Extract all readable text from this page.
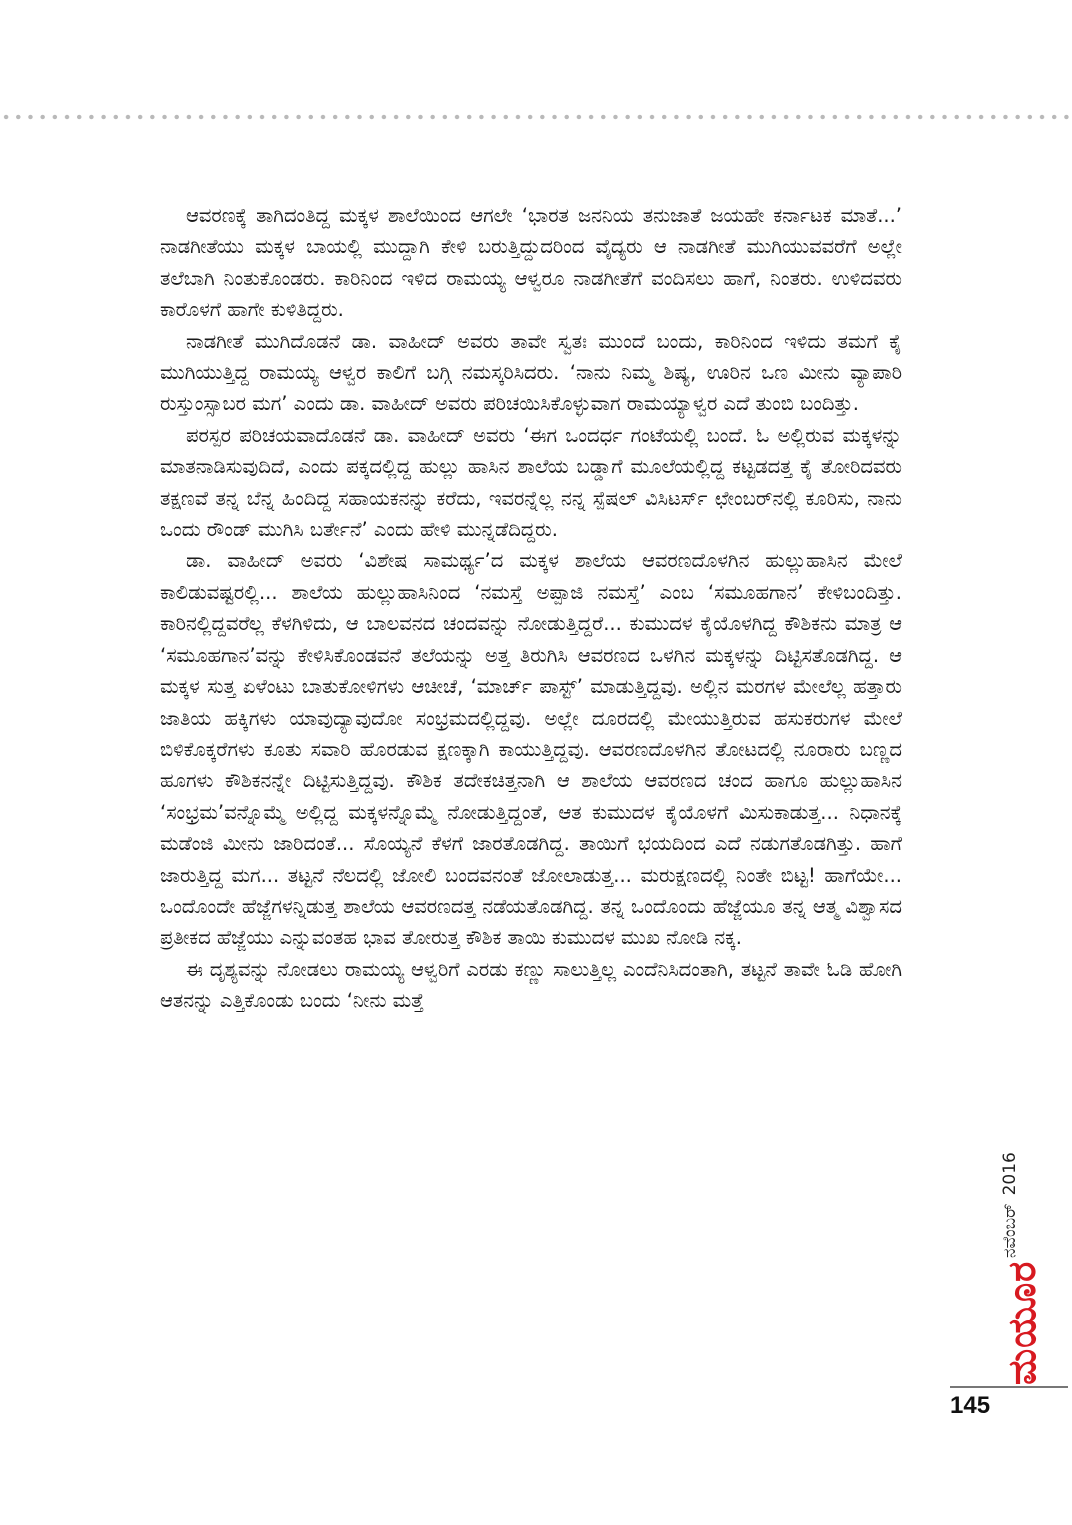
ಆವರಣಕ್ಕೆ ತಾಗಿದಂತಿದ್ದ ಮಕ್ಕಳ ಶಾಲೆಯಿಂದ ಆಗಲೇ ‘ಭಾರತ ಜನನಿಯ ತನುಜಾತೆ ಜಯಹೇ ಕರ್ನಾಟಕ ಮಾತೆ...’ ನಾಡಗೀತೆಯು ಮಕ್ಕಳ ಬಾಯಲ್ಲಿ ಮುದ್ದಾಗಿ ಕೇಳಿ ಬರುತ್ತಿದ್ದುದರಿಂದ ವೈದ್ಯರು ಆ ನಾಡಗೀತೆ ಮುಗಿಯುವವರೆಗೆ ಅಲ್ಲೇ ತಲೆಬಾಗಿ ನಿಂತುಕೊಂಡರು. ಕಾರಿನಿಂದ ಇಳಿದ ರಾಮಯ್ಯ ಆಳ್ವರೂ ನಾಡಗೀತೆಗೆ ವಂದಿಸಲು ಹಾಗೆ, ನಿಂತರು. ಉಳಿದವರು ಕಾರೊಳಗೆ ಹಾಗೇ ಕುಳಿತಿದ್ದರು.

ನಾಡಗೀತೆ ಮುಗಿದೊಡನೆ ಡಾ. ವಾಹೀದ್ ಅವರು ತಾವೇ ಸ್ವತಃ ಮುಂದೆ ಬಂದು, ಕಾರಿನಿಂದ ಇಳಿದು ತಮಗೆ ಕೈ ಮುಗಿಯುತ್ತಿದ್ದ ರಾಮಯ್ಯ ಆಳ್ವರ ಕಾಲಿಗೆ ಬಗ್ಗಿ ನಮಸ್ಕರಿಸಿದರು. ‘ನಾನು ನಿಮ್ಮ ಶಿಷ್ಯ, ಊರಿನ ಒಣ ಮೀನು ವ್ಯಾಪಾರಿ ರುಸ್ತುಂಸ್ಸಾಬರ ಮಗ’ ಎಂದು ಡಾ. ವಾಹೀದ್ ಅವರು ಪರಿಚಯಿಸಿಕೊಳ್ಳುವಾಗ ರಾಮಯ್ಯಾಳ್ವರ ಎದೆ ತುಂಬಿ ಬಂದಿತ್ತು.

ಪರಸ್ಪರ ಪರಿಚಯವಾದೊಡನೆ ಡಾ. ವಾಹೀದ್ ಅವರು ‘ಈಗ ಒಂದರ್ಧ ಗಂಟೆಯಲ್ಲಿ ಬಂದೆ. ಓ ಅಲ್ಲಿರುವ ಮಕ್ಕಳನ್ನು ಮಾತನಾಡಿಸುವುದಿದೆ, ಎಂದು ಪಕ್ಕದಲ್ಲಿದ್ದ ಹುಲ್ಲು ಹಾಸಿನ ಶಾಲೆಯ ಬಡ್ಡಾಗೆ ಮೂಲೆಯಲ್ಲಿದ್ದ ಕಟ್ಟಡದತ್ತ ಕೈ ತೋರಿದವರು ತಕ್ಷಣವೆ ತನ್ನ ಬೆನ್ನ ಹಿಂದಿದ್ದ ಸಹಾಯಕನನ್ನು ಕರೆದು, ಇವರನ್ನೆಲ್ಲ ನನ್ನ ಸ್ಪೆಷಲ್ ವಿಸಿಟರ್ಸ್ ಛೇಂಬರ್‌ನಲ್ಲಿ ಕೂರಿಸು, ನಾನು ಒಂದು ರೌಂಡ್ ಮುಗಿಸಿ ಬರ್ತೇನೆ’ ಎಂದು ಹೇಳಿ ಮುನ್ನಡೆದಿದ್ದರು.

ಡಾ. ವಾಹೀದ್ ಅವರು ‘ವಿಶೇಷ ಸಾಮರ್ಥ್ಯ’ದ ಮಕ್ಕಳ ಶಾಲೆಯ ಆವರಣದೊಳಗಿನ ಹುಲ್ಲುಹಾಸಿನ ಮೇಲೆ ಕಾಲಿಡುವಷ್ಟರಲ್ಲಿ... ಶಾಲೆಯ ಹುಲ್ಲುಹಾಸಿನಿಂದ ‘ನಮಸ್ತೆ ಅಪ್ಪಾಜಿ ನಮಸ್ತೆ’ ಎಂಬ ‘ಸಮೂಹಗಾನ’ ಕೇಳಿಬಂದಿತ್ತು. ಕಾರಿನಲ್ಲಿದ್ದವರೆಲ್ಲ ಕೆಳಗಿಳಿದು, ಆ ಬಾಲವನದ ಚಂದವನ್ನು ನೋಡುತ್ತಿದ್ದರೆ... ಕುಮುದಳ ಕೈಯೊಳಗಿದ್ದ ಕೌಶಿಕನು ಮಾತ್ರ ಆ ‘ಸಮೂಹಗಾನ’ವನ್ನು ಕೇಳಿಸಿಕೊಂಡವನೆ ತಲೆಯನ್ನು ಅತ್ತ ತಿರುಗಿಸಿ ಆವರಣದ ಒಳಗಿನ ಮಕ್ಕಳನ್ನು ದಿಟ್ಟಿಸತೊಡಗಿದ್ದ. ಆ ಮಕ್ಕಳ ಸುತ್ತ ಏಳೆಂಟು ಬಾತುಕೋಳಿಗಳು ಆಚೀಚೆ, ‘ಮಾರ್ಚ್ ಪಾಸ್ಟ್’ ಮಾಡುತ್ತಿದ್ದವು. ಅಲ್ಲಿನ ಮರಗಳ ಮೇಲೆಲ್ಲ ಹತ್ತಾರು ಜಾತಿಯ ಹಕ್ಕಿಗಳು ಯಾವುದ್ಯಾವುದೋ ಸಂಭ್ರಮದಲ್ಲಿದ್ದವು. ಅಲ್ಲೇ ದೂರದಲ್ಲಿ ಮೇಯುತ್ತಿರುವ ಹಸುಕರುಗಳ ಮೇಲೆ ಬಿಳಿಕೊಕ್ಕರೆಗಳು ಕೂತು ಸವಾರಿ ಹೊರಡುವ ಕ್ಷಣಕ್ಕಾಗಿ ಕಾಯುತ್ತಿದ್ದವು. ಆವರಣದೊಳಗಿನ ತೋಟದಲ್ಲಿ ನೂರಾರು ಬಣ್ಣದ ಹೂಗಳು ಕೌಶಿಕನನ್ನೇ ದಿಟ್ಟಿಸುತ್ತಿದ್ದವು. ಕೌಶಿಕ ತದೇಕಚಿತ್ತನಾಗಿ ಆ ಶಾಲೆಯ ಆವರಣದ ಚಂದ ಹಾಗೂ ಹುಲ್ಲುಹಾಸಿನ ‘ಸಂಭ್ರಮ’ವನ್ನೊಮ್ಮೆ ಅಲ್ಲಿದ್ದ ಮಕ್ಕಳನ್ನೊಮ್ಮೆ ನೋಡುತ್ತಿದ್ದಂತೆ, ಆತ ಕುಮುದಳ ಕೈಯೊಳಗೆ ಮಿಸುಕಾಡುತ್ತ... ನಿಧಾನಕ್ಕೆ ಮಡೆಂಜಿ ಮೀನು ಜಾರಿದಂತೆ... ಸೊಯ್ಯನೆ ಕೆಳಗೆ ಜಾರತೊಡಗಿದ್ದ. ತಾಯಿಗೆ ಭಯದಿಂದ ಎದೆ ನಡುಗತೊಡಗಿತ್ತು. ಹಾಗೆ ಜಾರುತ್ತಿದ್ದ ಮಗ... ತಟ್ಟನೆ ನೆಲದಲ್ಲಿ ಜೋಲಿ ಬಂದವನಂತೆ ಜೋಲಾಡುತ್ತ... ಮರುಕ್ಷಣದಲ್ಲಿ ನಿಂತೇ ಬಿಟ್ಟ! ಹಾಗೆಯೇ... ಒಂದೊಂದೇ ಹೆಜ್ಜೆಗಳನ್ನಿಡುತ್ತ ಶಾಲೆಯ ಆವರಣದತ್ತ ನಡೆಯತೊಡಗಿದ್ದ. ತನ್ನ ಒಂದೊಂದು ಹೆಜ್ಜೆಯೂ ತನ್ನ ಆತ್ಮ ವಿಶ್ವಾಸದ ಪ್ರತೀಕದ ಹೆಜ್ಜೆಯು ಎನ್ನುವಂತಹ ಭಾವ ತೋರುತ್ತ ಕೌಶಿಕ ತಾಯಿ ಕುಮುದಳ ಮುಖ ನೋಡಿ ನಕ್ಕ.

ಈ ದೃಶ್ಯವನ್ನು ನೋಡಲು ರಾಮಯ್ಯ ಆಳ್ವರಿಗೆ ಎರಡು ಕಣ್ಣು ಸಾಲುತ್ತಿಲ್ಲ ಎಂದೆನಿಸಿದಂತಾಗಿ, ತಟ್ಟನೆ ತಾವೇ ಓಡಿ ಹೋಗಿ ಆತನನ್ನು ಎತ್ತಿಕೊಂಡು ಬಂದು ‘ನೀನು ಮತ್ತೆ

ನವೆಂಬರ್2016
ಮಯೂರ
145
